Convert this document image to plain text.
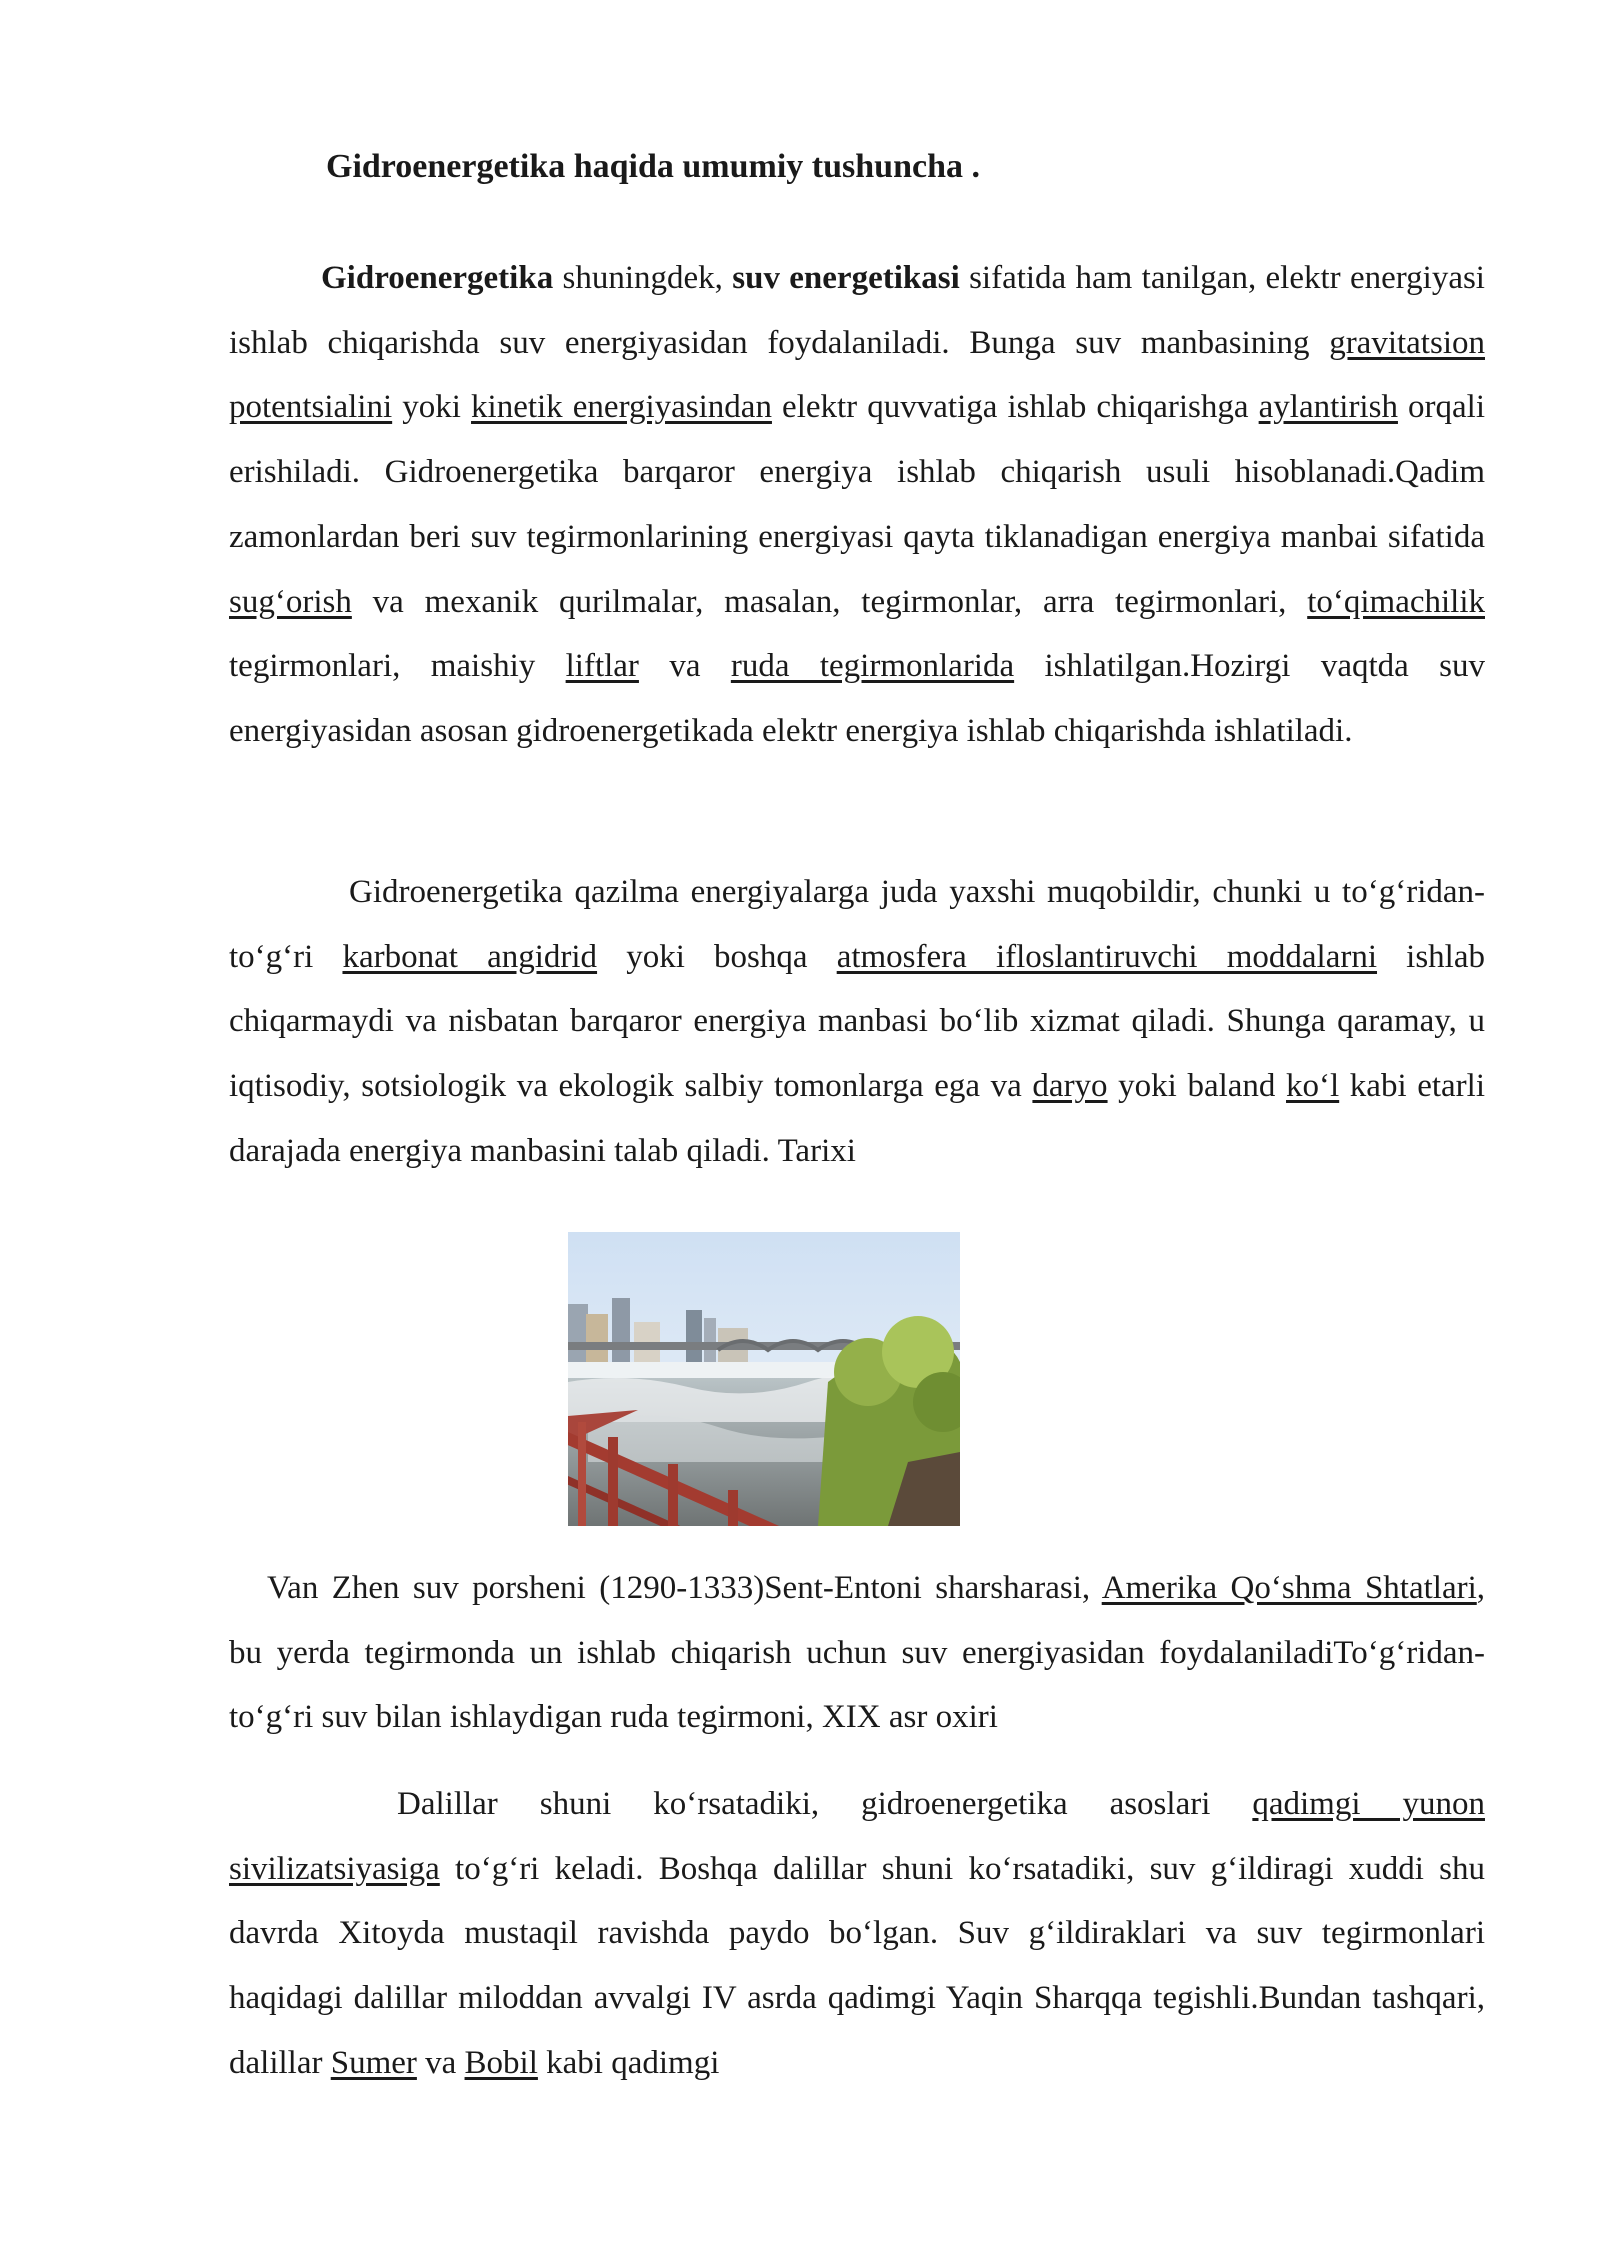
Gidroenergetika haqida umumiy tushuncha .

Gidroenergetika shuningdek, suv energetikasi sifatida ham tanilgan, elektr energiyasi ishlab chiqarishda suv energiyasidan foydalaniladi. Bunga suv manbasining gravitatsion potentsialini yoki kinetik energiyasindan elektr quvvatiga ishlab chiqarishga aylantirish orqali erishiladi. Gidroenergetika barqaror energiya ishlab chiqarish usuli hisoblanadi.Qadim zamonlardan beri suv tegirmonlarining energiyasi qayta tiklanadigan energiya manbai sifatida sug‘orish va mexanik qurilmalar, masalan, tegirmonlar, arra tegirmonlari, to‘qimachilik tegirmonlari, maishiy liftlar va ruda tegirmonlarida ishlatilgan.Hozirgi vaqtda suv energiyasidan asosan gidroenergetikada elektr energiya ishlab chiqarishda ishlatiladi.

Gidroenergetika qazilma energiyalarga juda yaxshi muqobildir, chunki u to‘g‘ridan-to‘g‘ri karbonat angidrid yoki boshqa atmosfera ifloslantiruvchi moddalarni ishlab chiqarmaydi va nisbatan barqaror energiya manbasi bo‘lib xizmat qiladi. Shunga qaramay, u iqtisodiy, sotsiologik va ekologik salbiy tomonlarga ega va daryo yoki baland ko‘l kabi etarli darajada energiya manbasini talab qiladi. Tarixi

Van Zhen suv porsheni (1290-1333)Sent-Entoni sharsharasi, Amerika Qo‘shma Shtatlari, bu yerda tegirmonda un ishlab chiqarish uchun suv energiyasidan foydalaniladiTo‘g‘ridan-to‘g‘ri suv bilan ishlaydigan ruda tegirmoni, XIX asr oxiri

Dalillar shuni ko‘rsatadiki, gidroenergetika asoslari qadimgi yunon sivilizatsiyasiga to‘g‘ri keladi. Boshqa dalillar shuni ko‘rsatadiki, suv g‘ildiragi xuddi shu davrda Xitoyda mustaqil ravishda paydo bo‘lgan. Suv g‘ildiraklari va suv tegirmonlari haqidagi dalillar miloddan avvalgi IV asrda qadimgi Yaqin Sharqqa tegishli.Bundan tashqari, dalillar Sumer va Bobil kabi qadimgi
